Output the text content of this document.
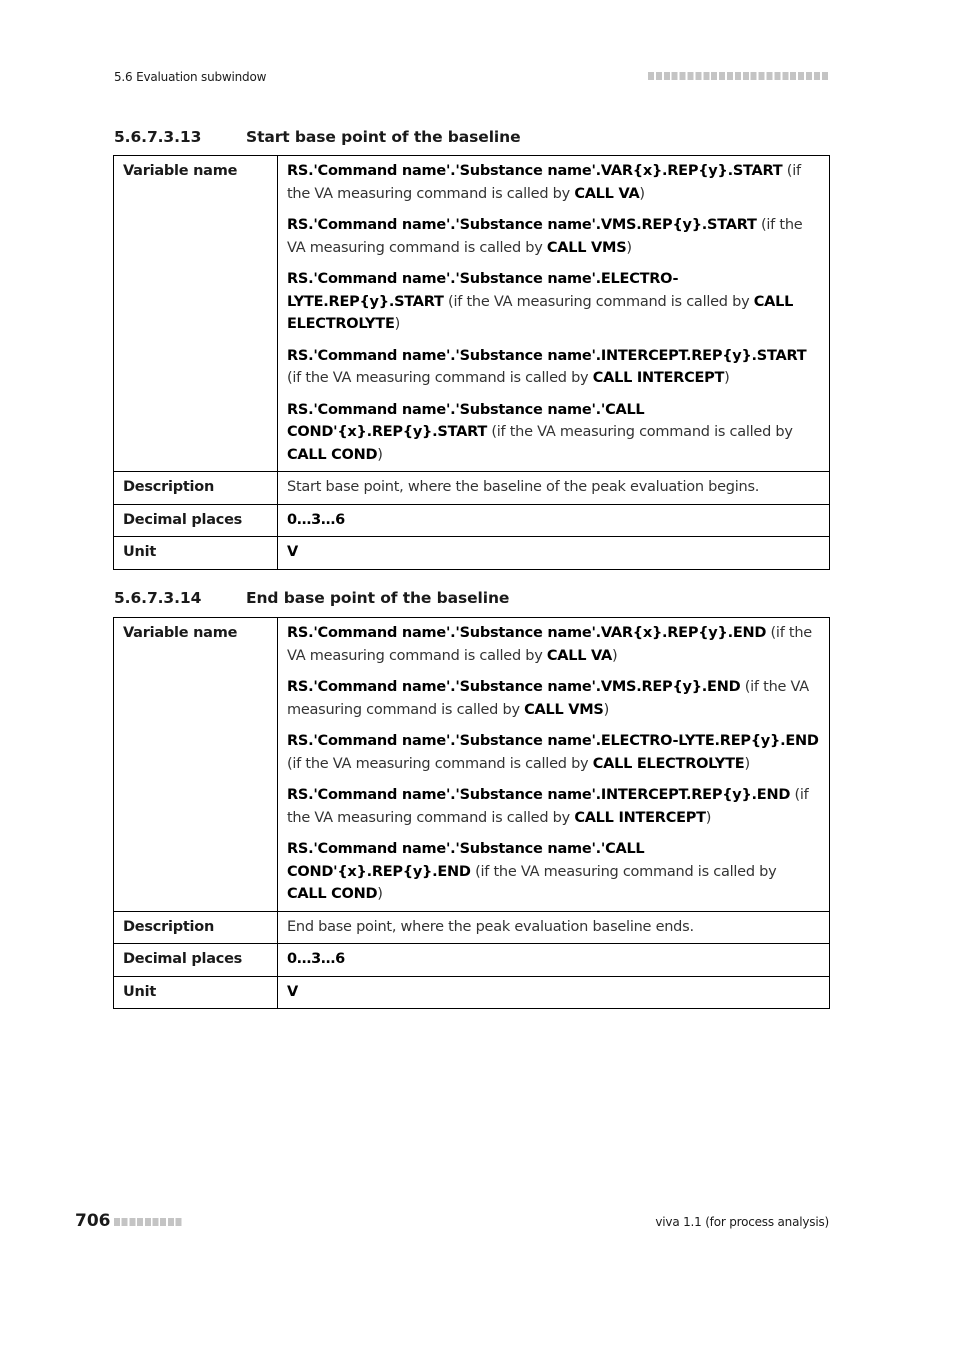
5.6 Evaluation subwindow
5.6.7.3.13	Start base point of the baseline
Variable name	RS.'Command name'.'Substance name'.VAR{x}.REP{y}.START (if the VA measuring command is called by CALL VA)

RS.'Command name'.'Substance name'.VMS.REP{y}.START (if the VA measuring command is called by CALL VMS)

RS.'Command name'.'Substance name'.ELECTRO-LYTE.REP{y}.START (if the VA measuring command is called by CALL ELECTROLYTE)

RS.'Command name'.'Substance name'.INTERCEPT.REP{y}.START (if the VA measuring command is called by CALL INTERCEPT)

RS.'Command name'.'Substance name'.'CALL COND'{x}.REP{y}.START (if the VA measuring command is called by CALL COND)

Description	Start base point, where the baseline of the peak evaluation begins.
Decimal places	0…3…6
Unit	V
5.6.7.3.14	End base point of the baseline
Variable name	RS.'Command name'.'Substance name'.VAR{x}.REP{y}.END (if the VA measuring command is called by CALL VA)

RS.'Command name'.'Substance name'.VMS.REP{y}.END (if the VA measuring command is called by CALL VMS)

RS.'Command name'.'Substance name'.ELECTRO-LYTE.REP{y}.END (if the VA measuring command is called by CALL ELECTROLYTE)

RS.'Command name'.'Substance name'.INTERCEPT.REP{y}.END (if the VA measuring command is called by CALL INTERCEPT)

RS.'Command name'.'Substance name'.'CALL COND'{x}.REP{y}.END (if the VA measuring command is called by CALL COND)

Description	End base point, where the peak evaluation baseline ends.
Decimal places	0…3…6
Unit	V
706	viva 1.1 (for process analysis)
